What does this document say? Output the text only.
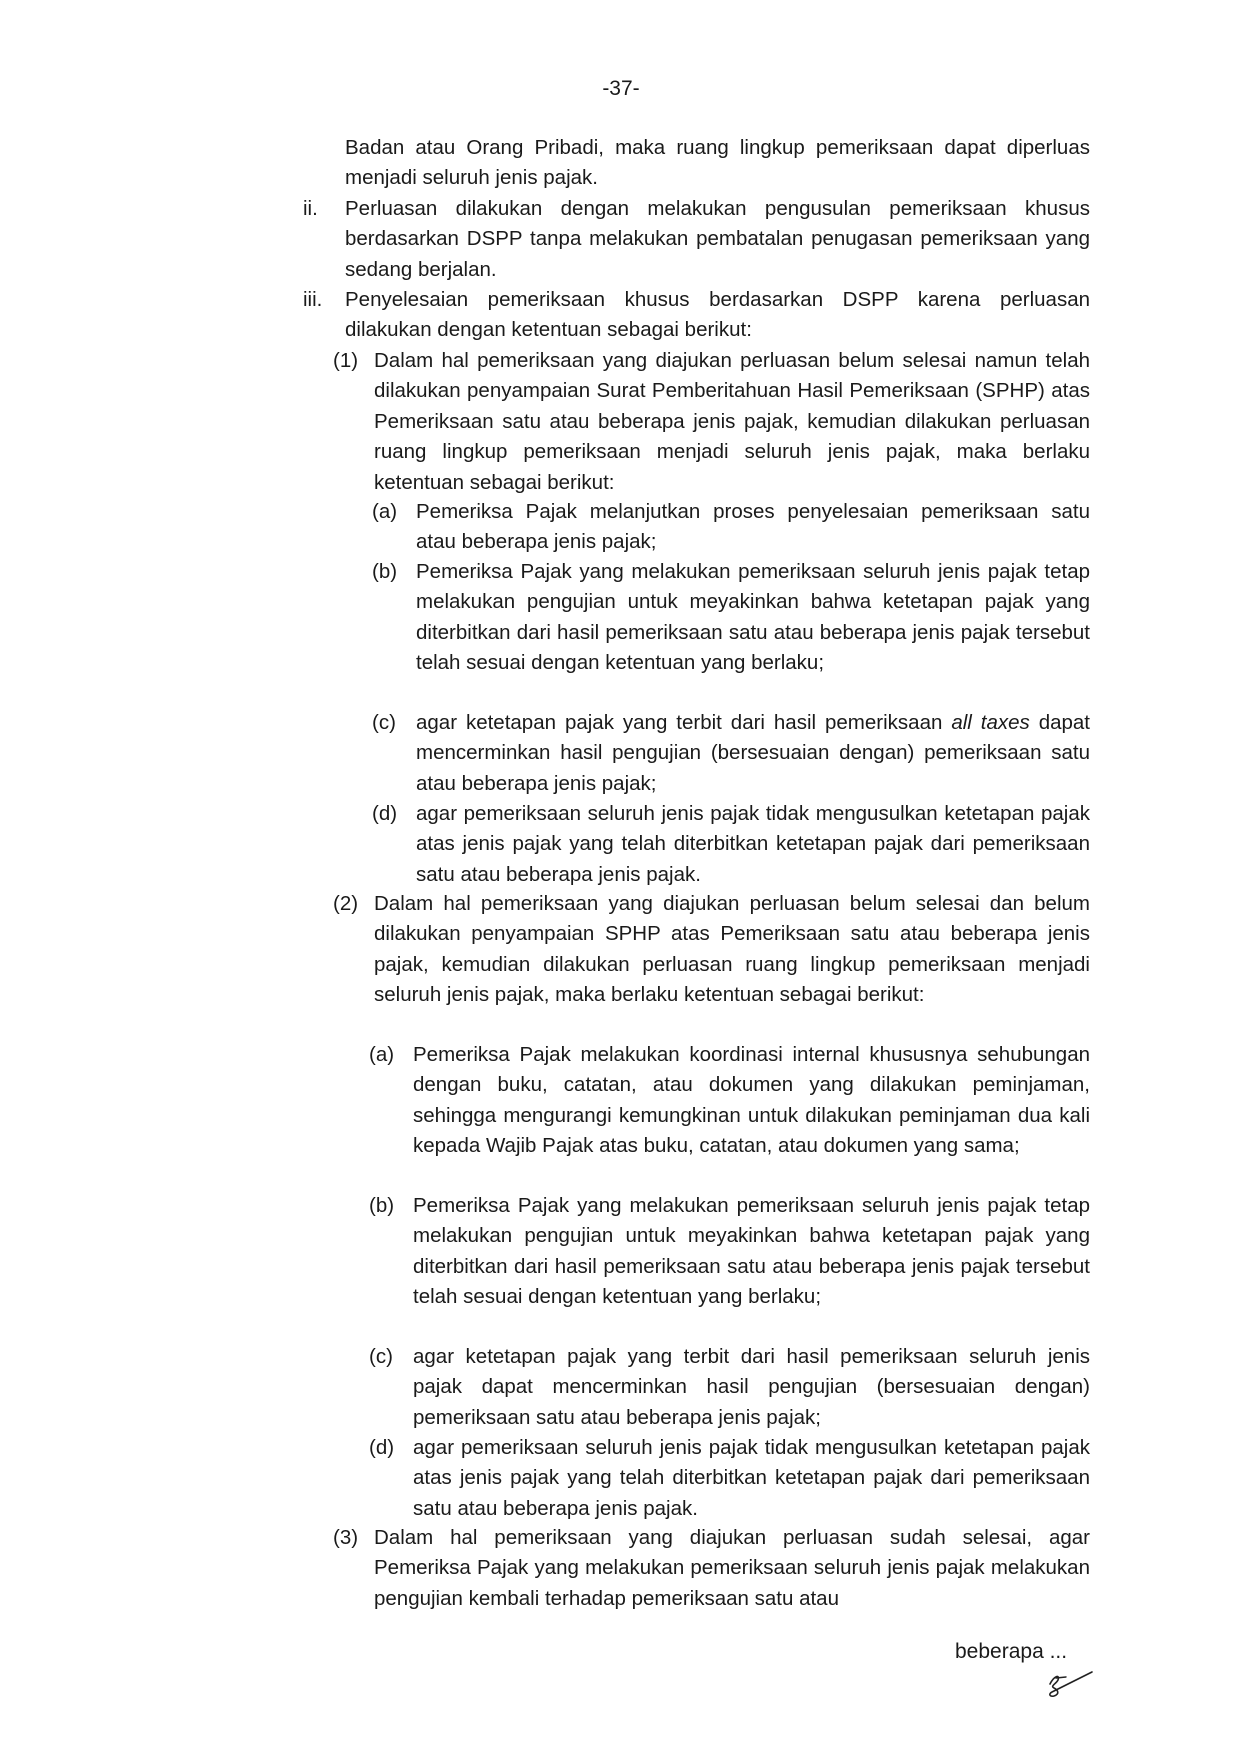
-37-
Badan atau Orang Pribadi, maka ruang lingkup pemeriksaan dapat diperluas menjadi seluruh jenis pajak.
ii.	Perluasan dilakukan dengan melakukan pengusulan pemeriksaan khusus berdasarkan DSPP tanpa melakukan pembatalan penugasan pemeriksaan yang sedang berjalan.
iii.	Penyelesaian pemeriksaan khusus berdasarkan DSPP karena perluasan dilakukan dengan ketentuan sebagai berikut:
(1) Dalam hal pemeriksaan yang diajukan perluasan belum selesai namun telah dilakukan penyampaian Surat Pemberitahuan Hasil Pemeriksaan (SPHP) atas Pemeriksaan satu atau beberapa jenis pajak, kemudian dilakukan perluasan ruang lingkup pemeriksaan menjadi seluruh jenis pajak, maka berlaku ketentuan sebagai berikut:
(a) Pemeriksa Pajak melanjutkan proses penyelesaian pemeriksaan satu atau beberapa jenis pajak;
(b) Pemeriksa Pajak yang melakukan pemeriksaan seluruh jenis pajak tetap melakukan pengujian untuk meyakinkan bahwa ketetapan pajak yang diterbitkan dari hasil pemeriksaan satu atau beberapa jenis pajak tersebut telah sesuai dengan ketentuan yang berlaku;
(c) agar ketetapan pajak yang terbit dari hasil pemeriksaan all taxes dapat mencerminkan hasil pengujian (bersesuaian dengan) pemeriksaan satu atau beberapa jenis pajak;
(d) agar pemeriksaan seluruh jenis pajak tidak mengusulkan ketetapan pajak atas jenis pajak yang telah diterbitkan ketetapan pajak dari pemeriksaan satu atau beberapa jenis pajak.
(2) Dalam hal pemeriksaan yang diajukan perluasan belum selesai dan belum dilakukan penyampaian SPHP atas Pemeriksaan satu atau beberapa jenis pajak, kemudian dilakukan perluasan ruang lingkup pemeriksaan menjadi seluruh jenis pajak, maka berlaku ketentuan sebagai berikut:
(a) Pemeriksa Pajak melakukan koordinasi internal khususnya sehubungan dengan buku, catatan, atau dokumen yang dilakukan peminjaman, sehingga mengurangi kemungkinan untuk dilakukan peminjaman dua kali kepada Wajib Pajak atas buku, catatan, atau dokumen yang sama;
(b) Pemeriksa Pajak yang melakukan pemeriksaan seluruh jenis pajak tetap melakukan pengujian untuk meyakinkan bahwa ketetapan pajak yang diterbitkan dari hasil pemeriksaan satu atau beberapa jenis pajak tersebut telah sesuai dengan ketentuan yang berlaku;
(c) agar ketetapan pajak yang terbit dari hasil pemeriksaan seluruh jenis pajak dapat mencerminkan hasil pengujian (bersesuaian dengan) pemeriksaan satu atau beberapa jenis pajak;
(d) agar pemeriksaan seluruh jenis pajak tidak mengusulkan ketetapan pajak atas jenis pajak yang telah diterbitkan ketetapan pajak dari pemeriksaan satu atau beberapa jenis pajak.
(3) Dalam hal pemeriksaan yang diajukan perluasan sudah selesai, agar Pemeriksa Pajak yang melakukan pemeriksaan seluruh jenis pajak melakukan pengujian kembali terhadap pemeriksaan satu atau
beberapa ...
